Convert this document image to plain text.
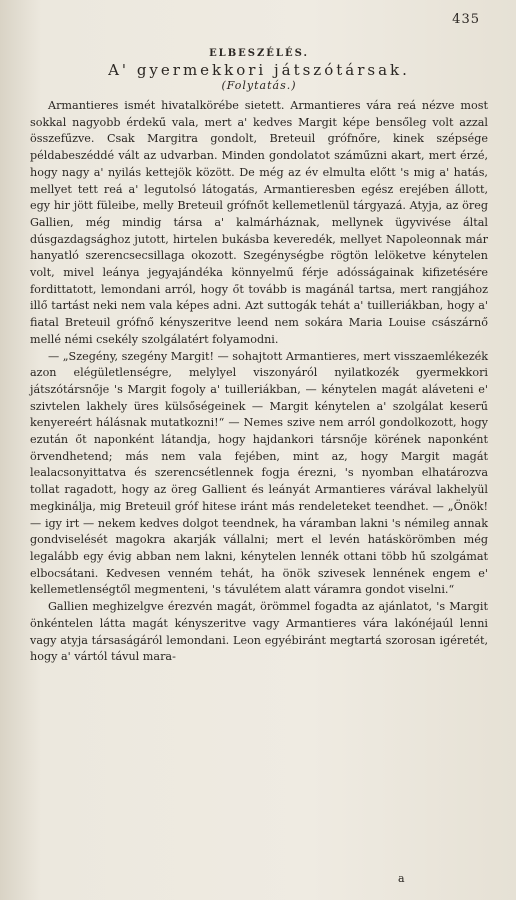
435
ELBESZÉLÉS.
A' gyermekkori játszótársak.
(Folytatás.)

Armantieres ismét hivatalkörébe sietett. Armantieres vára reá nézve most sokkal nagyobb érdekű vala, mert a' kedves Margit képe bensőleg volt azzal összefűzve. Csak Margitra gondolt, Breteuil grófnőre, kinek szépsége példabeszéddé vált az udvarban. Minden gondolatot száműzni akart, mert érzé, hogy nagy a' nyilás kettejök között. De még az év elmulta előtt 's mig a' hatás, mellyet tett reá a' legutolsó látogatás, Armantieresben egész erejében állott, egy hir jött füleibe, melly Breteuil grófnőt kellemetlenül tárgyazá. Atyja, az öreg Gallien, még mindig társa a' kalmárháznak, mellynek ügyvivése által dúsgazdagsághoz jutott, hirtelen bukásba keveredék, mellyet Napoleonnak már hanyatló szerencsecsillaga okozott. Szegénységbe rögtön lelöketve kénytelen volt, mivel leánya jegyajándéka könnyelmű férje adósságainak kifizetésére fordittatott, lemondani arról, hogy őt tovább is magánál tartsa, mert rangjához illő tartást neki nem vala képes adni. Azt suttogák tehát a' tuilleriákban, hogy a' fiatal Breteuil grófnő kényszeritve leend nem sokára Maria Louise császárnő mellé némi csekély szolgálatért folyamodni.

— „Szegény, szegény Margit! — sohajtott Armantieres, mert visszaemlékezék azon elégületlenségre, melylyel viszonyáról nyilatkozék gyermekkori játszótársnője 's Margit fogoly a' tuilleriákban, — kénytelen magát aláveteni e' szivtelen lakhely üres külsőségeinek — Margit kénytelen a' szolgálat keserű kenyereért hálásnak mutatkozni!“ — Nemes szive nem arról gondolkozott, hogy ezután őt naponként látandja, hogy hajdankori társnője körének naponként örvendhetend; más nem vala fejében, mint az, hogy Margit magát lealacsonyittatva és szerencsétlennek fogja érezni, 's nyomban elhatározva tollat ragadott, hogy az öreg Gallient és leányát Armantieres várával lakhelyül megkinálja, mig Breteuil gróf hitese iránt más rendeleteket teendhet. — „Önök! — igy irt — nekem kedves dolgot teendnek, ha váramban lakni 's némileg annak gondviselését magokra akarják vállalni; mert el levén hatáskörömben még legalább egy évig abban nem lakni, kénytelen lennék ottani több hű szolgámat elbocsátani. Kedvesen venném tehát, ha önök szivesek lennének engem e' kellemetlenségtől megmenteni, 's távulétem alatt váramra gondot viselni.“

Gallien meghizelgve érezvén magát, örömmel fogadta az ajánlatot, 's Margit önkéntelen látta magát kényszeritve vagy Armantieres vára lakónéjaúl lenni vagy atyja társaságáról lemondani. Leon egyébiránt megtartá szorosan igéretét, hogy a' vártól távul mara-

a
